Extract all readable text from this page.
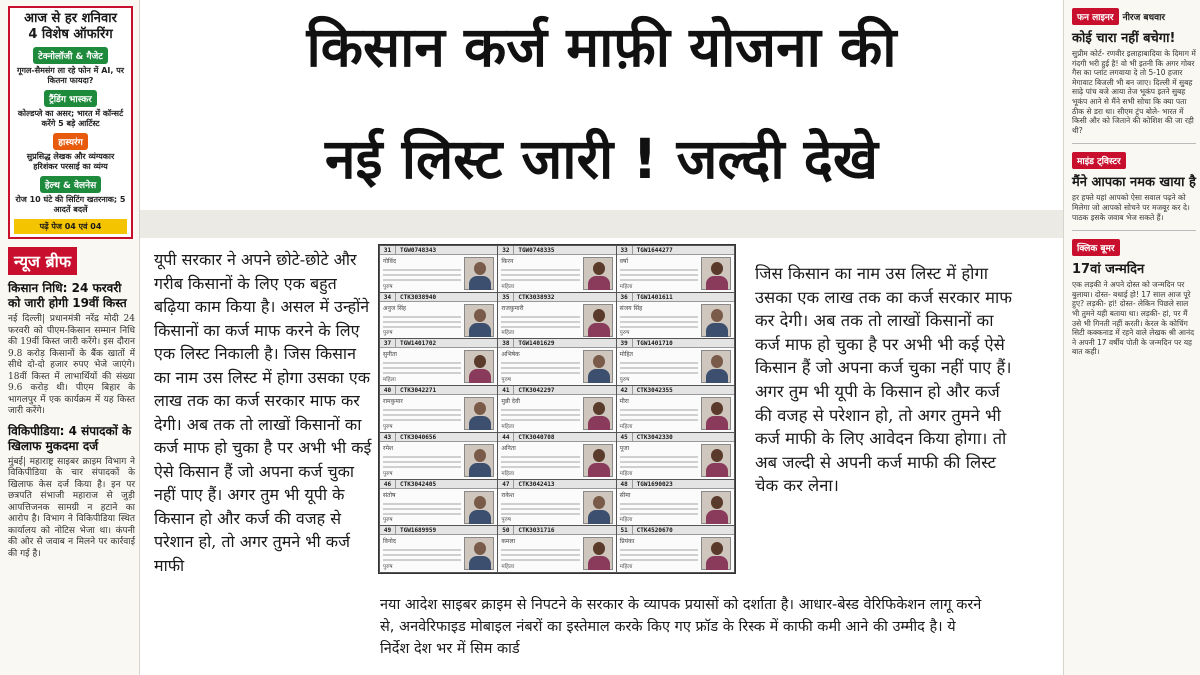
आज से हर शनिवार
4 विशेष ऑफरिंग
टेक्नोलॉजी & गैजेट
गूगल-सैमसंग ला रहे फोन में AI, पर कितना फायदा?
ट्रैंडिंग भास्कर
कोल्डप्ले का असर; भारत में कॉन्सर्ट करेंगे 5 बड़े आर्टिस्ट
हास्यरंग
सुप्रसिद्ध लेखक और व्यंग्यकार हरिशंकर परसाई का व्यंग्य
हेल्थ & वेलनेस
रोज 10 घंटे की सिटिंग खतरनाक; 5 आदतें बदलें
पढ़ें पेज 04 एवं 04
न्यूज ब्रीफ
किसान निधि: 24 फरवरी को जारी होगी 19वीं किस्त
नई दिल्ली| प्रधानमंत्री नरेंद्र मोदी 24 फरवरी को पीएम-किसान सम्मान निधि की 19वीं किस्त जारी करेंगे। इस दौरान 9.8 करोड़ किसानों के बैंक खातों में सीधे दो-दो हजार रुपए भेजे जाएंगे। 18वीं किस्त में लाभार्थियों की संख्या 9.6 करोड़ थी। पीएम बिहार के भागलपुर में एक कार्यक्रम में यह किस्त जारी करेंगे।
विकिपीडिया: 4 संपादकों के खिलाफ मुकदमा दर्ज
मुंबई| महाराष्ट्र साइबर क्राइम विभाग ने विकिपीडिया के चार संपादकों के खिलाफ केस दर्ज किया है। इन पर छत्रपति संभाजी महाराज से जुड़ी आपत्तिजनक सामग्री न हटाने का आरोप है। विभाग ने विकिपीडिया स्थित कार्यालय को नोटिस भेजा था। कंपनी की ओर से जवाब न मिलने पर कार्रवाई की गई है।
किसान कर्ज माफ़ी योजना की
नई लिस्ट जारी ! जल्दी देखे
यूपी सरकार ने अपने छोटे-छोटे और गरीब किसानों के लिए एक बहुत बढ़िया काम किया है। असल में उन्होंने किसानों का कर्ज माफ करने के लिए एक लिस्ट निकाली है। जिस किसान का नाम उस लिस्ट में होगा उसका एक लाख तक का कर्ज सरकार माफ कर देगी। अब तक तो लाखों किसानों का कर्ज माफ हो चुका है पर अभी भी कई ऐसे किसान हैं जो अपना कर्ज चुका नहीं पाए हैं। अगर तुम भी यूपी के किसान हो और कर्ज की वजह से परेशान हो, तो अगर तुमने भी कर्ज माफी
31	TGW0748343
गोविंद
पुरुष
32	TGW0748335
किरन
महिला
33	TGW1644277
वर्षा
महिला
34	CTK3038940
अनुज सिंह
पुरुष
35	CTK3038932
राजकुमारी
महिला
36	TGW1401611
संजय सिंह
पुरुष
37	TGW1401702
सुनीता
महिला
38	TGW1401629
अभिषेक
पुरुष
39	TGW1401710
मोहित
पुरुष
40	CTK3042271
रामकुमार
पुरुष
41	CTK3042297
मुन्नी देवी
महिला
42	CTK3042355
मीरा
महिला
43	CTK3040656
रमेश
पुरुष
44	CTK3040708
अनिता
महिला
45	CTK3042330
पूजा
महिला
46	CTK3042405
संतोष
पुरुष
47	CTK3042413
राकेश
पुरुष
48	TGW1690023
सीमा
महिला
49	TGW1689959
विनोद
पुरुष
50	CTK3031716
कमला
महिला
51	CTK4520670
प्रियंका
महिला
जिस किसान का नाम उस लिस्ट में होगा उसका एक लाख तक का कर्ज सरकार माफ कर देगी। अब तक तो लाखों किसानों का कर्ज माफ हो चुका है पर अभी भी कई ऐसे किसान हैं जो अपना कर्ज चुका नहीं पाए हैं। अगर तुम भी यूपी के किसान हो और कर्ज की वजह से परेशान हो, तो अगर तुमने भी कर्ज माफी के लिए आवेदन किया होगा। तो अब जल्दी से अपनी कर्ज माफी की लिस्ट चेक कर लेना।
नया आदेश साइबर क्राइम से निपटने के सरकार के व्यापक प्रयासों को दर्शाता है। आधार-बेस्ड वेरिफिकेशन लागू करने से, अनवेरिफाइड मोबाइल नंबरों का इस्तेमाल करके किए गए फ्रॉड के रिस्क में काफी कमी आने की उम्मीद है। ये निर्देश देश भर में सिम कार्ड
फन लाइनर	नीरज बधवार
कोई चारा नहीं बचेगा!
सुप्रीम कोर्ट- रणवीर इलाहाबादिया के दिमाग में गंदगी भरी हुई है! वो भी इतनी कि अगर गोबर गैस का प्लांट लगवाया दे तो 5-10 हजार मेगावाट बिजली भी बन जाए। दिल्ली में सुबह साढ़े पांच बजे आया तेज भूकंप इतने सुबह भूकंप आने से मैंने सभी सोचा कि क्या पता ठीक से डरा था। सीएम ट्रंप बोले- भारत में किसी और को जिताने की कोशिश की जा रही थी?
माइंड ट्विस्टर
मैंने आपका नमक खाया है
हर हफ्ते यहां आपको ऐसा सवाल पढ़ने को मिलेगा जो आपको सोचने पर मजबूर कर दे। पाठक इसके जवाब भेज सकते हैं।
क्लिक बूमर
17वां जन्मदिन
एक लड़की ने अपने दोस्त को जन्मदिन पर बुलाया। दोस्त- बधाई हो! 17 साल आज पूरे हुए? लड़की- हां! दोस्त- लेकिन पिछले साल भी तुमने यही बताया था। लड़की- हां, पर मैं उसे भी गिनती नहीं करती। केरल के कोचिंग सिटी कक्कनाड में रहने वाले लेखक श्री आनंद ने अपनी 17 वर्षीय पोती के जन्मदिन पर यह बात कही।
